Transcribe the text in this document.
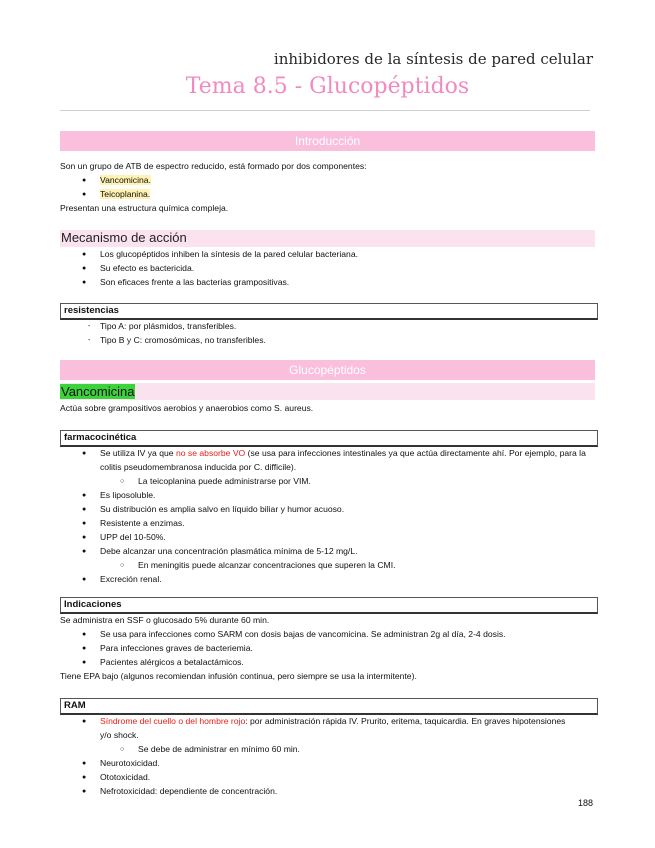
inhibidores de la síntesis de pared celular
Tema 8.5 - Glucopéptidos
Introducción
Son un grupo de ATB de espectro reducido, está formado por dos componentes:
● Vancomicina.
● Teicoplanina.
Presentan una estructura química compleja.
Mecanismo de acción
● Los glucopéptidos inhiben la síntesis de la pared celular bacteriana.
● Su efecto es bactericida.
● Son eficaces frente a las bacterias grampositivas.
resistencias
- Tipo A: por plásmidos, transferibles.
- Tipo B y C: cromosómicas, no transferibles.
Glucopéptidos
Vancomicina
Actúa sobre grampositivos aerobios y anaerobios como S. aureus.
farmacocinética
● Se utiliza IV ya que no se absorbe VO (se usa para infecciones intestinales ya que actúa directamente ahí. Por ejemplo, para la
colitis pseudomembranosa inducida por C. difficile).
○ La teicoplanina puede administrarse por VIM.
● Es liposoluble.
● Su distribución es amplia salvo en líquido biliar y humor acuoso.
● Resistente a enzimas.
● UPP del 10-50%.
● Debe alcanzar una concentración plasmática mínima de 5-12 mg/L.
○ En meningitis puede alcanzar concentraciones que superen la CMI.
● Excreción renal.
Indicaciones
Se administra en SSF o glucosado 5% durante 60 min.
● Se usa para infecciones como SARM con dosis bajas de vancomicina. Se administran 2g al día, 2-4 dosis.
● Para infecciones graves de bacteriemia.
● Pacientes alérgicos a betalactámicos.
Tiene EPA bajo (algunos recomiendan infusión continua, pero siempre se usa la intermitente).
RAM
● Síndrome del cuello o del hombre rojo: por administración rápida IV. Prurito, eritema, taquicardia. En graves hipotensiones
y/o shock.
○ Se debe de administrar en mínimo 60 min.
● Neurotoxicidad.
● Ototoxicidad.
● Nefrotoxicidad: dependiente de concentración.
188
